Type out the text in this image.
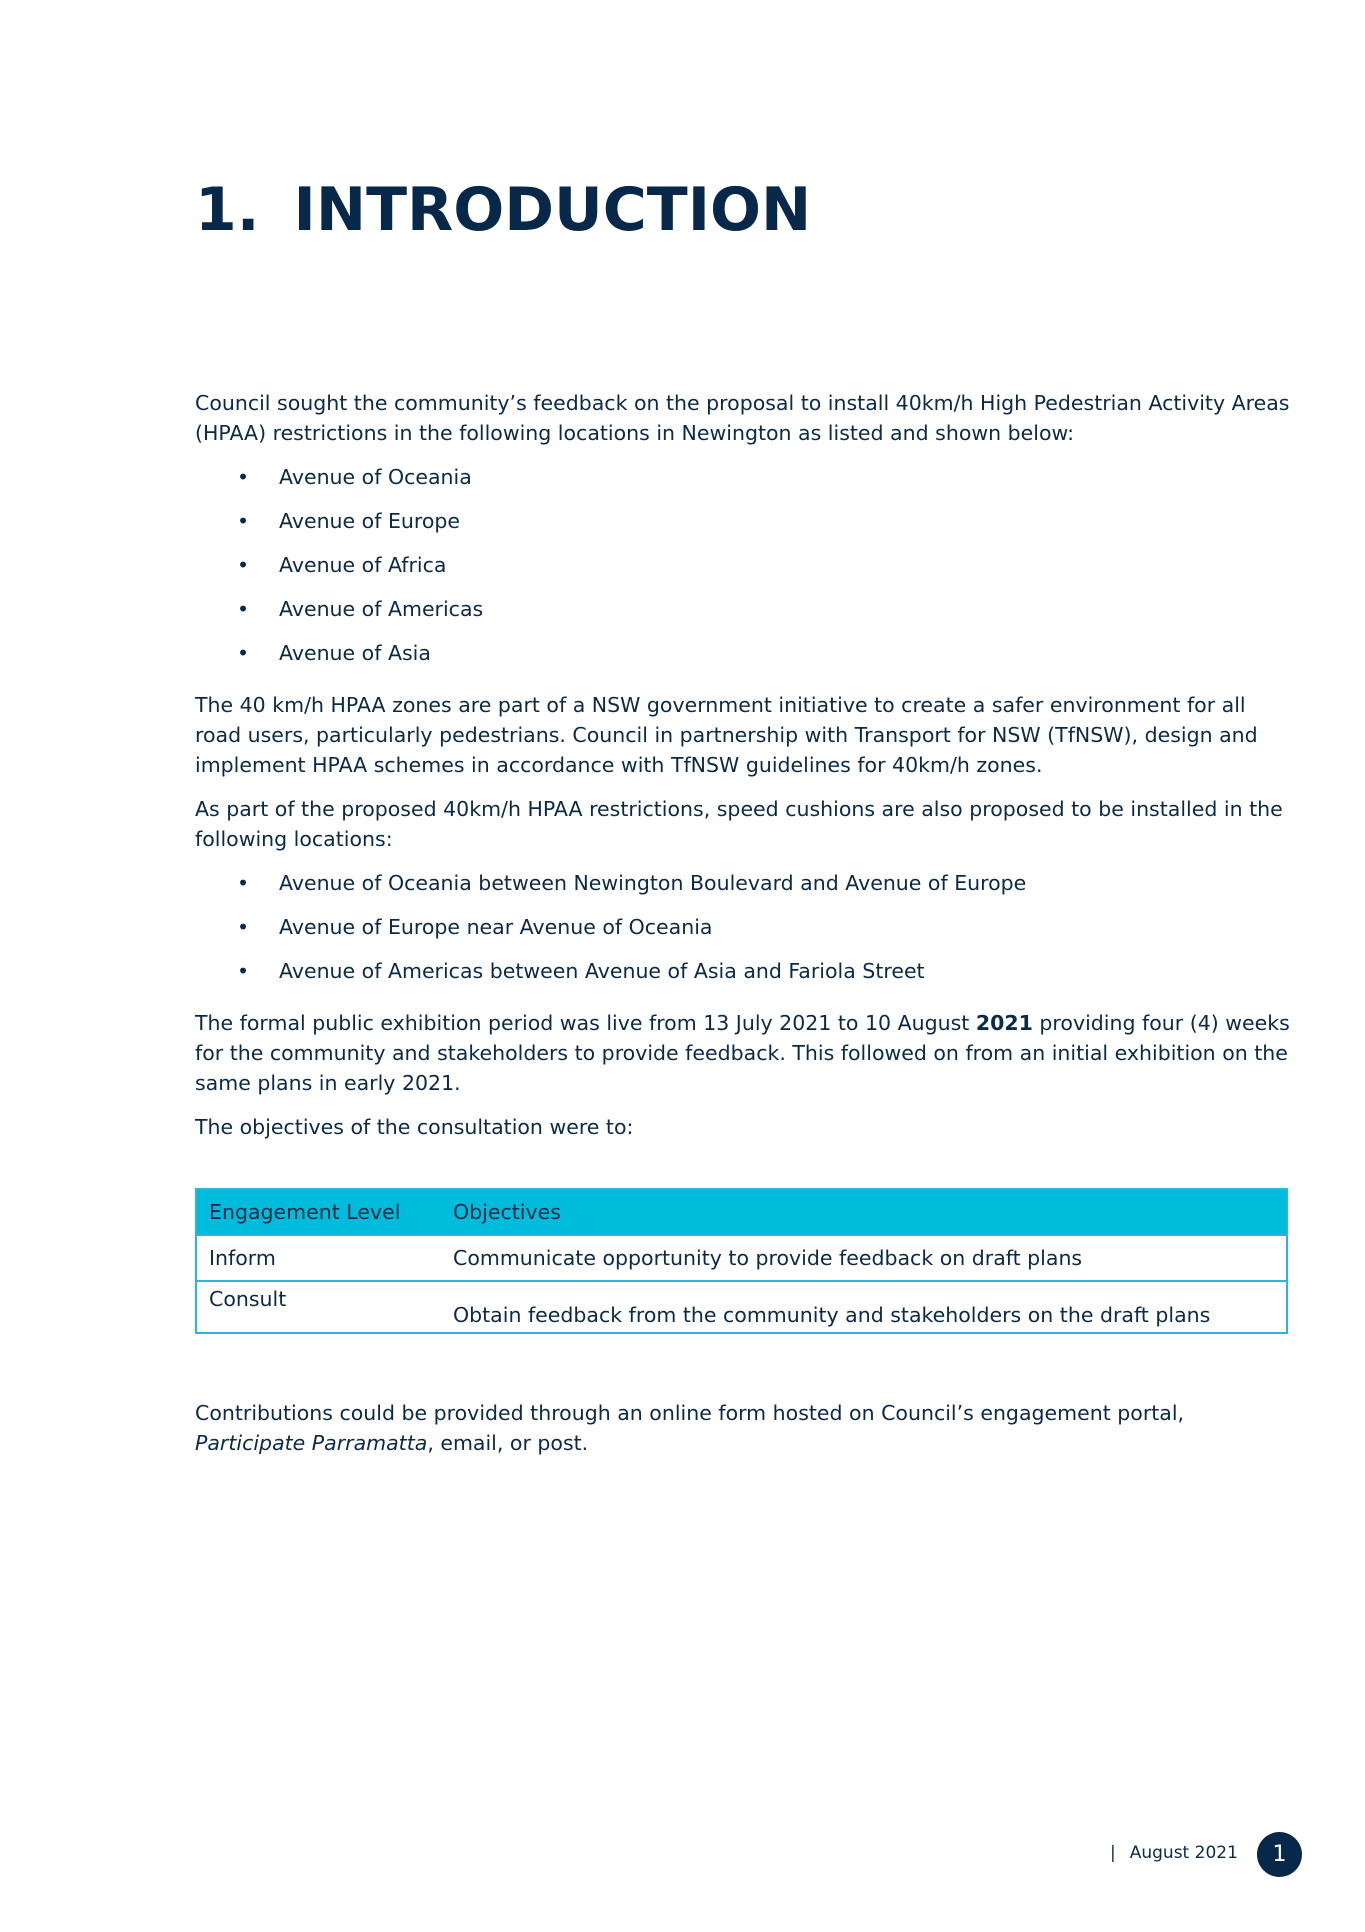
1. INTRODUCTION

Council sought the community’s feedback on the proposal to install 40km/h High Pedestrian Activity Areas (HPAA) restrictions in the following locations in Newington as listed and shown below:

• Avenue of Oceania
• Avenue of Europe
• Avenue of Africa
• Avenue of Americas
• Avenue of Asia

The 40 km/h HPAA zones are part of a NSW government initiative to create a safer environment for all road users, particularly pedestrians. Council in partnership with Transport for NSW (TfNSW), design and implement HPAA schemes in accordance with TfNSW guidelines for 40km/h zones.

As part of the proposed 40km/h HPAA restrictions, speed cushions are also proposed to be installed in the following locations:

• Avenue of Oceania between Newington Boulevard and Avenue of Europe
• Avenue of Europe near Avenue of Oceania
• Avenue of Americas between Avenue of Asia and Fariola Street

The formal public exhibition period was live from 13 July 2021 to 10 August 2021 providing four (4) weeks for the community and stakeholders to provide feedback. This followed on from an initial exhibition on the same plans in early 2021.

The objectives of the consultation were to:

Engagement Level	Objectives
Inform	Communicate opportunity to provide feedback on draft plans
Consult	Obtain feedback from the community and stakeholders on the draft plans

Contributions could be provided through an online form hosted on Council’s engagement portal, Participate Parramatta, email, or post.

| August 2021	1
